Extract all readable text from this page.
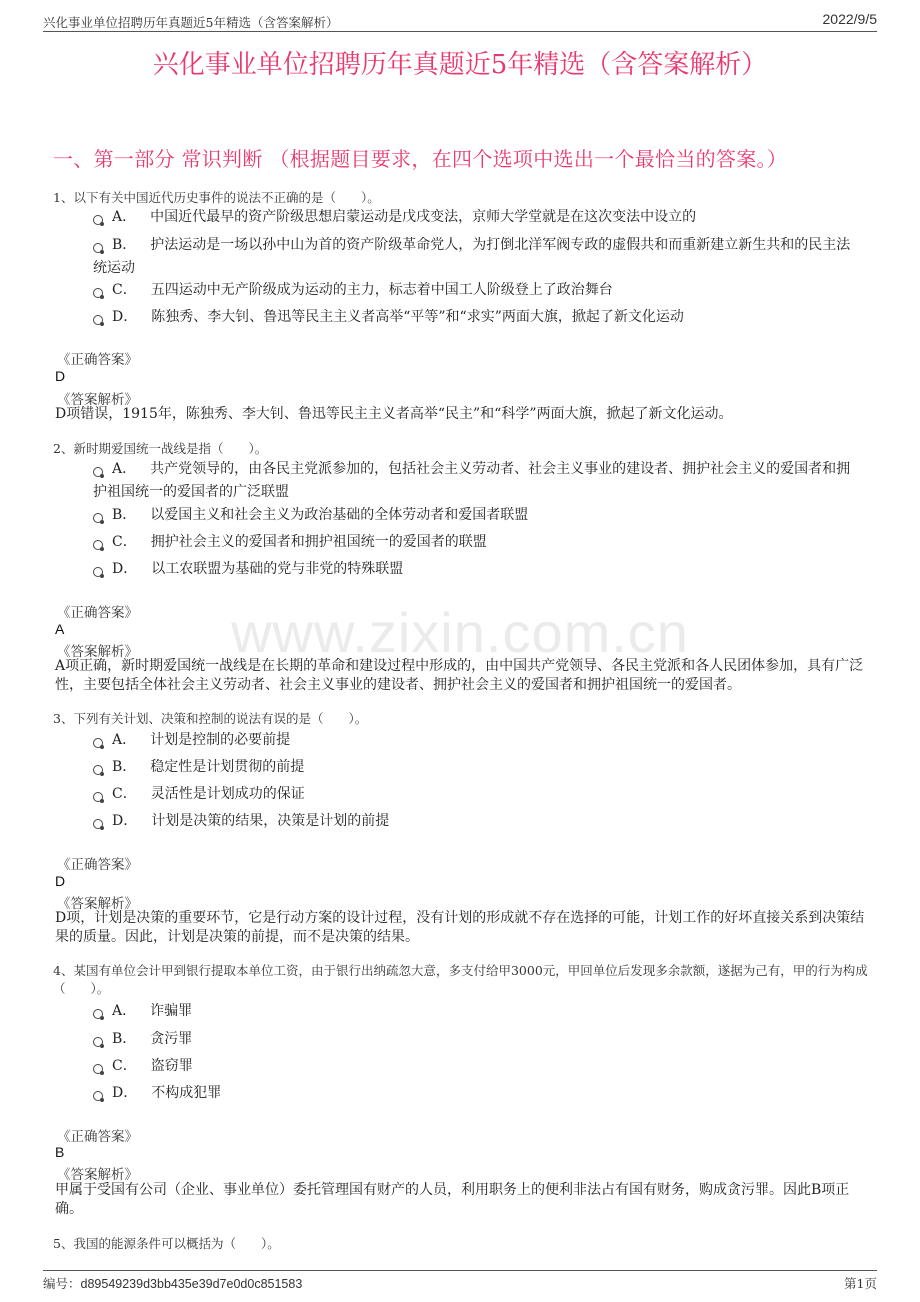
兴化事业单位招聘历年真题近5年精选（含答案解析）	2022/9/5
兴化事业单位招聘历年真题近5年精选（含答案解析）
一、第一部分 常识判断 （根据题目要求，在四个选项中选出一个最恰当的答案。）
www.zixin.com.cn
1、以下有关中国近代历史事件的说法不正确的是（　　）。
A． 中国近代最早的资产阶级思想启蒙运动是戊戌变法，京师大学堂就是在这次变法中设立的
B． 护法运动是一场以孙中山为首的资产阶级革命党人，为打倒北洋军阀专政的虚假共和而重新建立新生共和的民主法统运动
C． 五四运动中无产阶级成为运动的主力，标志着中国工人阶级登上了政治舞台
D． 陈独秀、李大钊、鲁迅等民主主义者高举“平等”和“求实”两面大旗，掀起了新文化运动
《正确答案》
D
《答案解析》
D项错误，1915年，陈独秀、李大钊、鲁迅等民主主义者高举“民主”和“科学”两面大旗，掀起了新文化运动。
2、新时期爱国统一战线是指（　　）。
A． 共产党领导的，由各民主党派参加的，包括社会主义劳动者、社会主义事业的建设者、拥护社会主义的爱国者和拥护祖国统一的爱国者的广泛联盟
B． 以爱国主义和社会主义为政治基础的全体劳动者和爱国者联盟
C． 拥护社会主义的爱国者和拥护祖国统一的爱国者的联盟
D． 以工农联盟为基础的党与非党的特殊联盟
《正确答案》
A
《答案解析》
A项正确，新时期爱国统一战线是在长期的革命和建设过程中形成的，由中国共产党领导、各民主党派和各人民团体参加，具有广泛性，主要包括全体社会主义劳动者、社会主义事业的建设者、拥护社会主义的爱国者和拥护祖国统一的爱国者。
3、下列有关计划、决策和控制的说法有误的是（　　）。
A． 计划是控制的必要前提
B． 稳定性是计划贯彻的前提
C． 灵活性是计划成功的保证
D． 计划是决策的结果，决策是计划的前提
《正确答案》
D
《答案解析》
D项，计划是决策的重要环节，它是行动方案的设计过程，没有计划的形成就不存在选择的可能，计划工作的好坏直接关系到决策结果的质量。因此，计划是决策的前提，而不是决策的结果。
4、某国有单位会计甲到银行提取本单位工资，由于银行出纳疏忽大意，多支付给甲3000元，甲回单位后发现多余款额，遂据为己有，甲的行为构成（　　）。
A． 诈骗罪
B． 贪污罪
C． 盗窃罪
D． 不构成犯罪
《正确答案》
B
《答案解析》
甲属于受国有公司（企业、事业单位）委托管理国有财产的人员，利用职务上的便利非法占有国有财务，购成贪污罪。因此B项正确。
5、我国的能源条件可以概括为（　　）。
编号：d89549239d3bb435e39d7e0d0c851583	第1页
